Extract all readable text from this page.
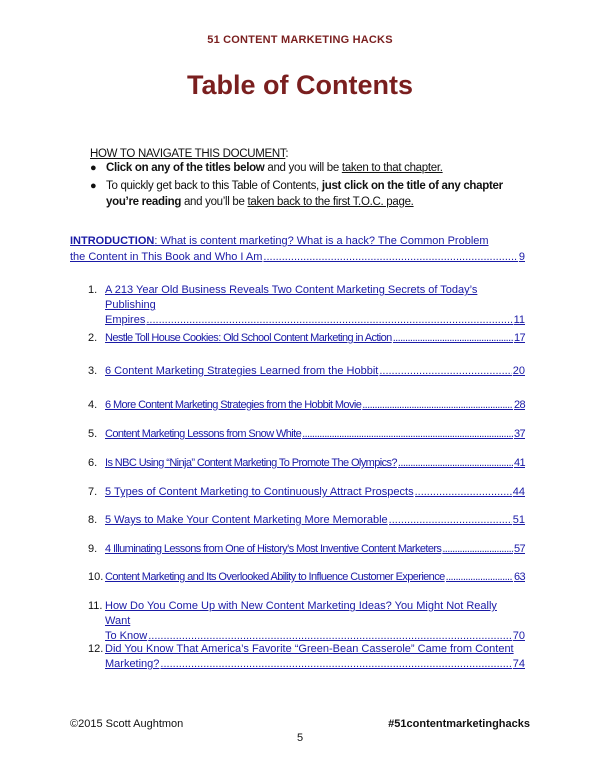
51 CONTENT MARKETING HACKS
Table of Contents
HOW TO NAVIGATE THIS DOCUMENT:
● Click on any of the titles below and you will be taken to that chapter.
● To quickly get back to this Table of Contents, just click on the title of any chapter you’re reading and you’ll be taken back to the first T.O.C. page.
INTRODUCTION: What is content marketing? What is a hack? The Common Problem
the Content in This Book and Who I Am .....	9
1. A 213 Year Old Business Reveals Two Content Marketing Secrets of Today’s Publishing
Empires .....	11
2. Nestle Toll House Cookies: Old School Content Marketing in Action .....	17
3. 6 Content Marketing Strategies Learned from the Hobbit .....	20
4. 6 More Content Marketing Strategies from the Hobbit Movie .....	28
5. Content Marketing Lessons from Snow White .....	37
6. Is NBC Using “Ninja” Content Marketing To Promote The Olympics? .....	41
7. 5 Types of Content Marketing to Continuously Attract Prospects .....	44
8. 5 Ways to Make Your Content Marketing More Memorable .....	51
9. 4 Illuminating Lessons from One of History’s Most Inventive Content Marketers .....	57
10. Content Marketing and Its Overlooked Ability to Influence Customer Experience .....	63
11. How Do You Come Up with New Content Marketing Ideas? You Might Not Really Want
To Know .....	70
12. Did You Know That America’s Favorite “Green-Bean Casserole” Came from Content
Marketing? .....	74
©2015 Scott Aughtmon	#51contentmarketinghacks
5
